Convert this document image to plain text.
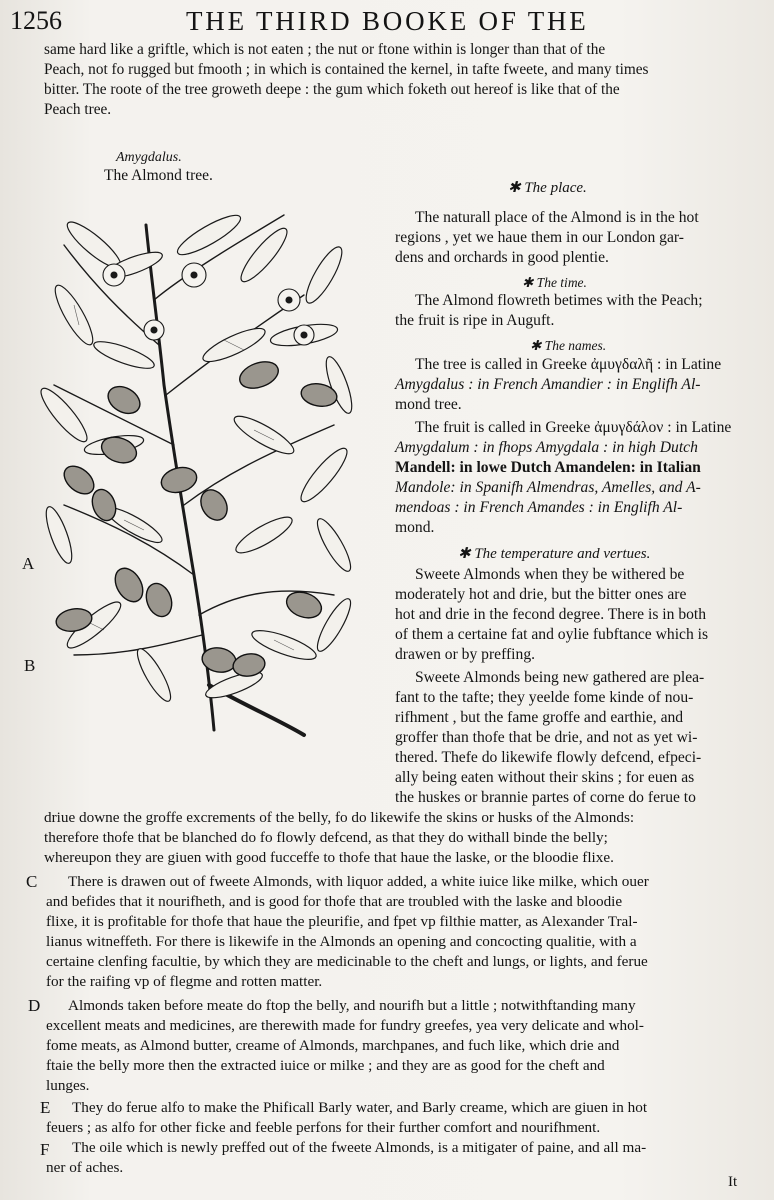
1256	THE THIRD BOOKE OF THE
same hard like a griftle, which is not eaten ; the nut or ftone within is longer than that of the
Peach, not fo rugged but fmooth ; in which is contained the kernel, in tafte fweete, and many times
bitter. The roote of the tree groweth deepe : the gum which foketh out hereof is like that of the
Peach tree.
Amygdalus.
The Almond tree.
A
B
✱ The place.
The naturall place of the Almond is in the hot
regions , yet we haue them in our London gar-
dens and orchards in good plentie.
✱ The time.
The Almond flowreth betimes with the Peach;
the fruit is ripe in Auguft.
✱ The names.
The tree is called in Greeke ἀμυγδαλῆ : in Latine
Amygdalus : in French Amandier : in Englifh Al-
mond tree.
The fruit is called in Greeke ἀμυγδάλον : in Latine
Amygdalum : in fhops Amygdala : in high Dutch
Mandell: in lowe Dutch Amandelen: in Italian
Mandole: in Spanifh Almendras, Amelles, and A-
mendoas : in French Amandes : in Englifh Al-
mond.
✱ The temperature and vertues.
Sweete Almonds when they be withered be
moderately hot and drie, but the bitter ones are
hot and drie in the fecond degree. There is in both
of them a certaine fat and oylie fubftance which is
drawen or by preffing.
Sweete Almonds being new gathered are plea-
fant to the tafte; they yeelde fome kinde of nou-
rifhment , but the fame groffe and earthie, and
groffer than thofe that be drie, and not as yet wi-
thered. Thefe do likewife flowly defcend, efpeci-
ally being eaten without their skins ; for euen as
the huskes or brannie partes of corne do ferue to
driue downe the groffe excrements of the belly, fo do likewife the skins or husks of the Almonds:
therefore thofe that be blanched do fo flowly defcend, as that they do withall binde the belly;
whereupon they are giuen with good fucceffe to thofe that haue the laske, or the bloodie flixe.
C There is drawen out of fweete Almonds, with liquor added, a white iuice like milke, which ouer
and befides that it nourifheth, and is good for thofe that are troubled with the laske and bloodie
flixe, it is profitable for thofe that haue the pleurifie, and fpet vp filthie matter, as Alexander Tral-
lianus witneffeth. For there is likewife in the Almonds an opening and concocting qualitie, with a
certaine clenfing facultie, by which they are medicinable to the cheft and lungs, or lights, and ferue
for the raifing vp of flegme and rotten matter.
D Almonds taken before meate do ftop the belly, and nourifh but a little ; notwithftanding many
excellent meats and medicines, are therewith made for fundry greefes, yea very delicate and whol-
fome meats, as Almond butter, creame of Almonds, marchpanes, and fuch like, which drie and
ftaie the belly more then the extracted iuice or milke ; and they are as good for the cheft and
lunges.
E They do ferue alfo to make the Phificall Barly water, and Barly creame, which are giuen in hot
feuers ; as alfo for other ficke and feeble perfons for their further comfort and nourifhment.
F The oile which is newly preffed out of the fweete Almonds, is a mitigater of paine, and all ma-
ner of aches.
It
